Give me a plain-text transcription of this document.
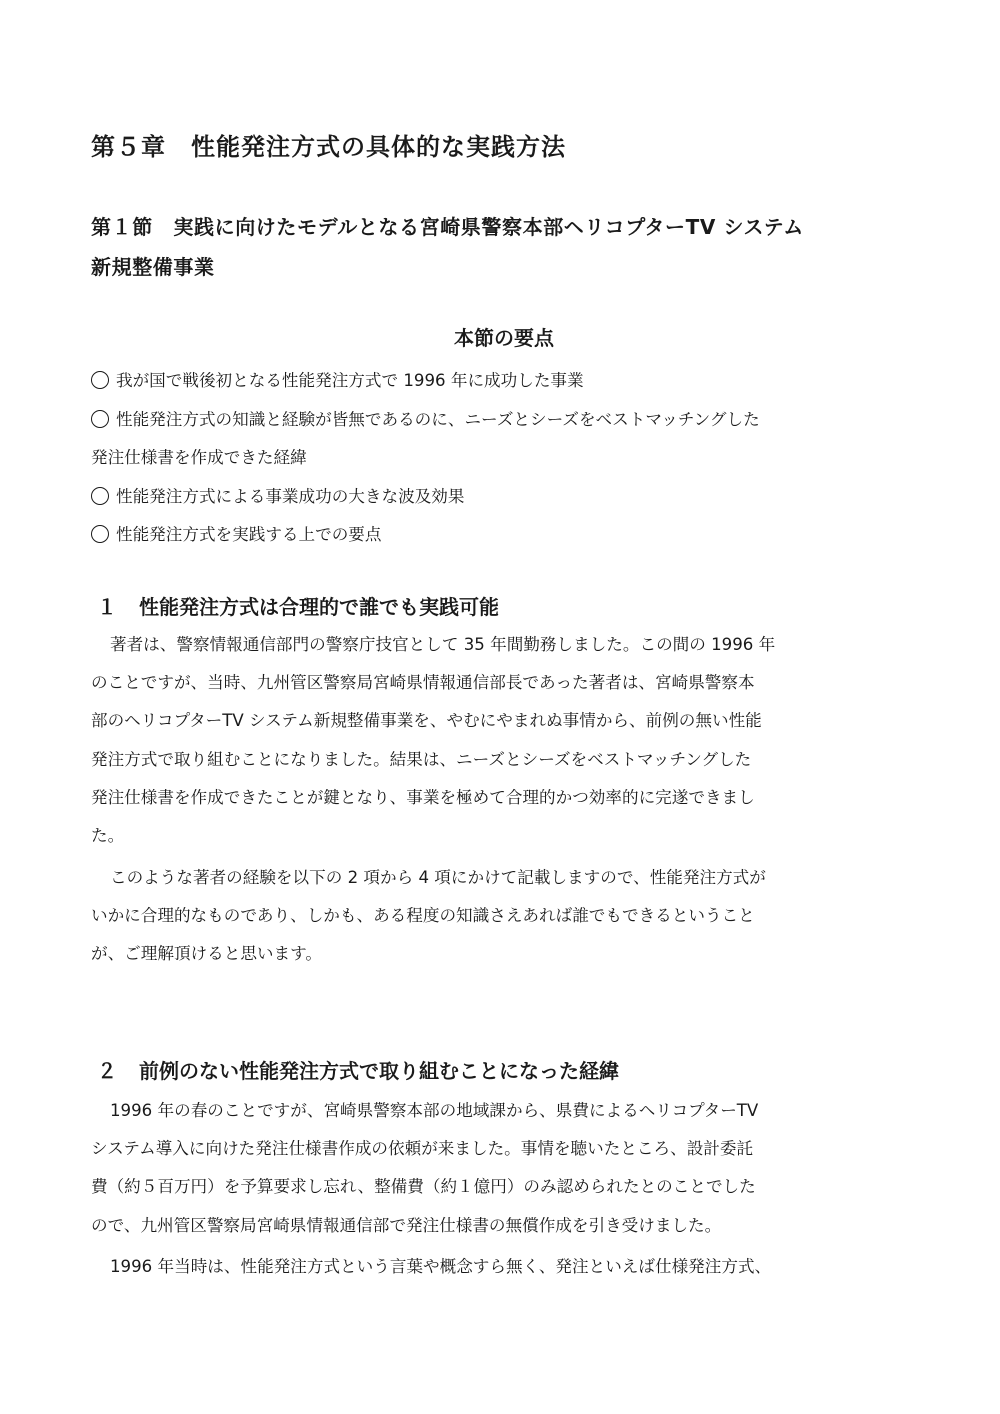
第５章　性能発注方式の具体的な実践方法
第１節　実践に向けたモデルとなる宮崎県警察本部ヘリコプターTV システム
新規整備事業
本節の要点
我が国で戦後初となる性能発注方式で 1996 年に成功した事業
性能発注方式の知識と経験が皆無であるのに、ニーズとシーズをベストマッチングした
発注仕様書を作成できた経緯
性能発注方式による事業成功の大きな波及効果
性能発注方式を実践する上での要点
１ 性能発注方式は合理的で誰でも実践可能
著者は、警察情報通信部門の警察庁技官として 35 年間勤務しました。この間の 1996 年
のことですが、当時、九州管区警察局宮崎県情報通信部長であった著者は、宮崎県警察本
部のヘリコプターTV システム新規整備事業を、やむにやまれぬ事情から、前例の無い性能
発注方式で取り組むことになりました。結果は、ニーズとシーズをベストマッチングした
発注仕様書を作成できたことが鍵となり、事業を極めて合理的かつ効率的に完遂できまし
た。
このような著者の経験を以下の 2 項から 4 項にかけて記載しますので、性能発注方式が
いかに合理的なものであり、しかも、ある程度の知識さえあれば誰でもできるということ
が、ご理解頂けると思います。
２ 前例のない性能発注方式で取り組むことになった経緯
1996 年の春のことですが、宮崎県警察本部の地域課から、県費によるヘリコプターTV
システム導入に向けた発注仕様書作成の依頼が来ました。事情を聴いたところ、設計委託
費（約５百万円）を予算要求し忘れ、整備費（約１億円）のみ認められたとのことでした
ので、九州管区警察局宮崎県情報通信部で発注仕様書の無償作成を引き受けました。
1996 年当時は、性能発注方式という言葉や概念すら無く、発注といえば仕様発注方式、
